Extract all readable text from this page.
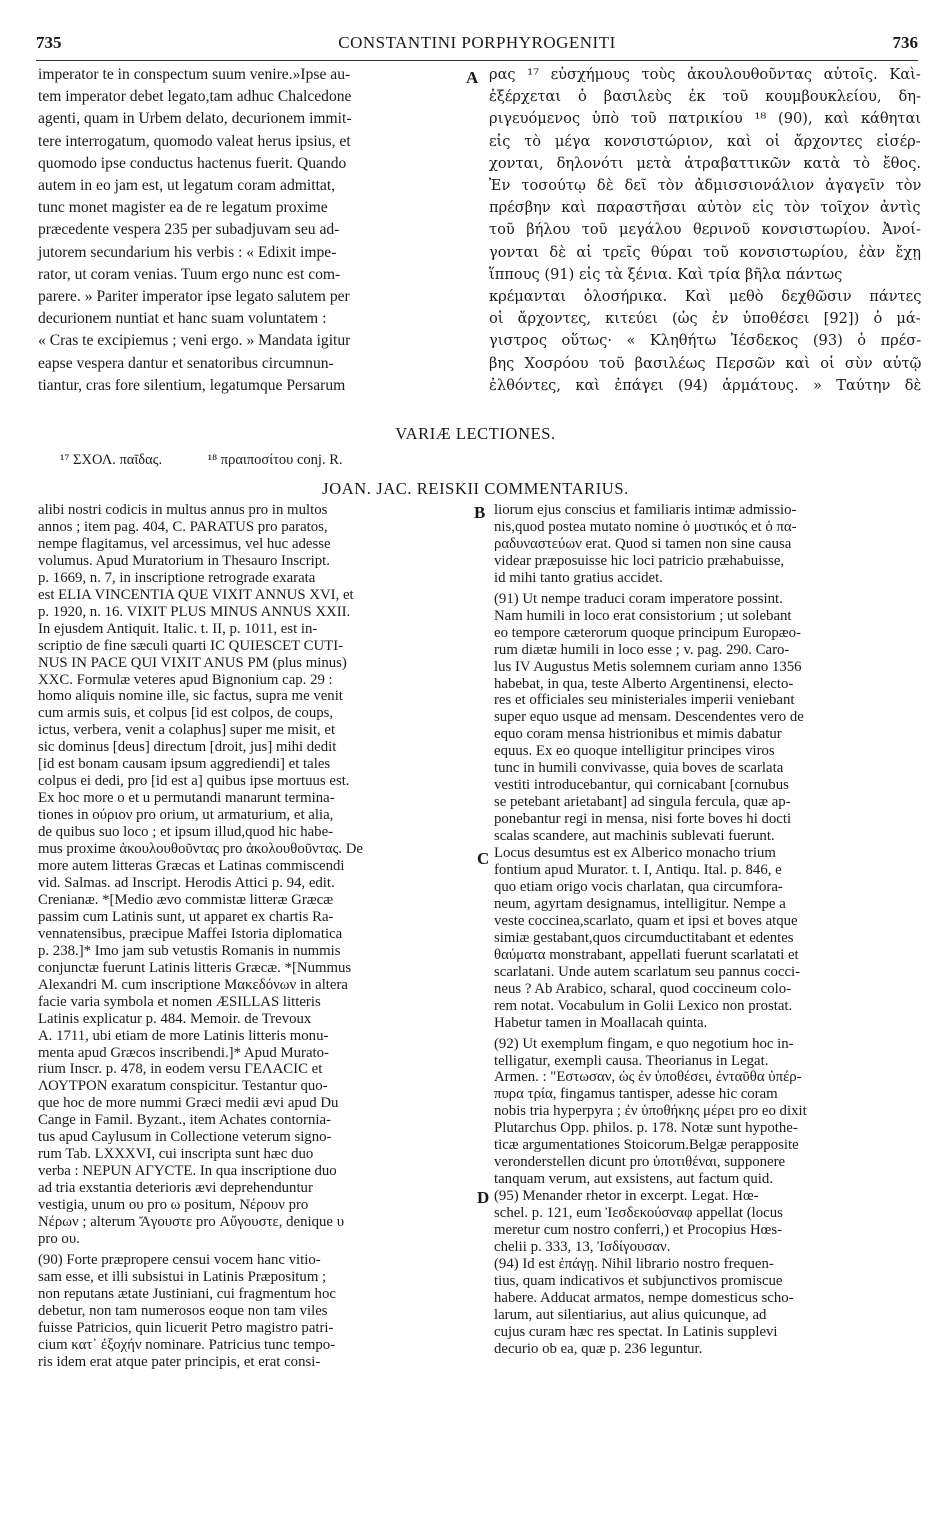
735	CONSTANTINI PORPHYROGENITI	736

imperator te in conspectum suum venire.»Ipse au-

tem imperator debet legato,tam adhuc Chalcedone

agenti, quam in Urbem delato, decurionem immit-

tere interrogatum, quomodo valeat herus ipsius, et

quomodo ipse conductus hactenus fuerit. Quando

autem in eo jam est, ut legatum coram admittat,

tunc monet magister ea de re legatum proxime

præcedente vespera 235 per subadjuvam seu ad-

jutorem secundarium his verbis : « Edixit impe-

rator, ut coram venias. Tuum ergo nunc est com-

parere. » Pariter imperator ipse legato salutem per

decurionem nuntiat et hanc suam voluntatem :

« Cras te excipiemus ; veni ergo. » Mandata igitur

eapse vespera dantur et senatoribus circumnun-

tiantur, cras fore silentium, legatumque Persarum

ρας ¹⁷ εὐσχήμους τοὺς ἀκουλουθοῦντας αὐτοῖς. Καὶ-

ἐξέρχεται ὁ βασιλεὺς ἐκ τοῦ κουμβουκλείου, δη-

ριγευόμενος ὑπὸ τοῦ πατρικίου ¹⁸ (90), καὶ κάθηται

εἰς τὸ μέγα κονσιστώριον, καὶ οἱ ἄρχοντες εἰσέρ-

χονται, δηλονότι μετὰ ἀτραβαττικῶν κατὰ τὸ ἔθος.

Ἐν τοσούτῳ δὲ δεῖ τὸν ἀδμισσιονάλιον ἀγαγεῖν τὸν

πρέσβην καὶ παραστῆσαι αὐτὸν εἰς τὸν τοῖχον ἀντὶς

τοῦ βήλου τοῦ μεγάλου θερινοῦ κονσιστωρίου. Ἀνοί-

γονται δὲ αἱ τρεῖς θύραι τοῦ κονσιστωρίου, ἐὰν ἔχῃ

ἵππους (91) εἰς τὰ ξένια. Καὶ τρία βῆλα πάντως

κρέμανται ὁλοσήρικα. Καὶ μεθὸ δεχθῶσιν πάντες

οἱ ἄρχοντες, κιτεύει (ὡς ἐν ὑποθέσει [92]) ὁ μά-

γιστρος οὕτως· « Κληθήτω Ἰέσδεκος (93) ὁ πρέσ-

βης Χοσρόου τοῦ βασιλέως Περσῶν καὶ οἱ σὺν αὐτῷ

ἐλθόντες, καὶ ἐπάγει (94) ἀρμάτους. » Ταύτην δὲ

A
B
C
D
VARIÆ LECTIONES.
¹⁷ ΣΧΟΛ. παῖδας.	¹⁸ πραιποσίτου conj. R.
JOAN. JAC. REISKII COMMENTARIUS.

alibi nostri codicis in multus annus pro in multos

annos ; item pag. 404, C. PARATUS pro paratos,

nempe flagitamus, vel arcessimus, vel huc adesse

volumus. Apud Muratorium in Thesauro Inscript.

p. 1669, n. 7, in inscriptione retrograde exarata

est ELIA VINCENTIA QUE VIXIT ANNUS XVI, et

p. 1920, n. 16. VIXIT PLUS MINUS ANNUS XXII.

In ejusdem Antiquit. Italic. t. II, p. 1011, est in-

scriptio de fine sæculi quarti IC QUIESCET CUTI-

NUS IN PACE QUI VIXIT ANUS PM (plus minus)

XXC. Formulæ veteres apud Bignonium cap. 29 :

homo aliquis nomine ille, sic factus, supra me venit

cum armis suis, et colpus [id est colpos, de coups,

ictus, verbera, venit a colaphus] super me misit, et

sic dominus [deus] directum [droit, jus] mihi dedit

[id est bonam causam ipsum aggrediendi] et tales

colpus ei dedi, pro [id est a] quibus ipse mortuus est.

Ex hoc more o et u permutandi manarunt termina-

tiones in ούριον pro orium, ut armaturium, et alia,

de quibus suo loco ; et ipsum illud,quod hic habe-

mus proxime ἀκουλουθοῦντας pro ἀκολουθοῦντας. De

more autem litteras Græcas et Latinas commiscendi

vid. Salmas. ad Inscript. Herodis Attici p. 94, edit.

Crenianæ. *[Medio ævo commistæ litteræ Græcæ

passim cum Latinis sunt, ut apparet ex chartis Ra-

vennatensibus, præcipue Maffei Istoria diplomatica

p. 238.]* Imo jam sub vetustis Romanis in nummis

conjunctæ fuerunt Latinis litteris Græcæ. *[Nummus

Alexandri M. cum inscriptione Μακεδόνων in altera

facie varia symbola et nomen ÆSILLAS litteris

Latinis explicatur p. 484. Memoir. de Trevoux

A. 1711, ubi etiam de more Latinis litteris monu-

menta apud Græcos inscribendi.]* Apud Murato-

rium Inscr. p. 478, in eodem versu ΓΕΛΑCIC et

ΛΟΥΤΡΟΝ exaratum conspicitur. Testantur quo-

que hoc de more nummi Græci medii ævi apud Du

Cange in Famil. Byzant., item Achates contornia-

tus apud Caylusum in Collectione veterum signo-

rum Tab. LXXXVI, cui inscripta sunt hæc duo

verba : NEPUN AΓΥCTE. In qua inscriptione duo

ad tria exstantia deterioris ævi deprehenduntur

vestigia, unum ου pro ω positum, Νέρουν pro

Νέρων ; alterum Ἄγουστε pro Αὔγουστε, denique υ

pro ου.

(90) Forte præpropere censui vocem hanc vitio-

sam esse, et illi subsistui in Latinis Præpositum ;

non reputans ætate Justiniani, cui fragmentum hoc

debetur, non tam numerosos eoque non tam viles

fuisse Patricios, quin licuerit Petro magistro patri-

cium κατ᾽ ἐξοχήν nominare. Patricius tunc tempo-

ris idem erat atque pater principis, et erat consi-

liorum ejus conscius et familiaris intimæ admissio-

nis,quod postea mutato nomine ὁ μυστικός et ὁ πα-

ραδυναστεύων erat. Quod si tamen non sine causa

videar præposuisse hic loci patricio præhabuisse,

id mihi tanto gratius accidet.

(91) Ut nempe traduci coram imperatore possint.

Nam humili in loco erat consistorium ; ut solebant

eo tempore cæterorum quoque principum Europæo-

rum diætæ humili in loco esse ; v. pag. 290. Caro-

lus IV Augustus Metis solemnem curiam anno 1356

habebat, in qua, teste Alberto Argentinensi, electo-

res et officiales seu ministeriales imperii veniebant

super equo usque ad mensam. Descendentes vero de

equo coram mensa histrionibus et mimis dabatur

equus. Ex eo quoque intelligitur principes viros

tunc in humili convivasse, quia boves de scarlata

vestiti introducebantur, qui cornicabant [cornubus

se petebant arietabant] ad singula fercula, quæ ap-

ponebantur regi in mensa, nisi forte boves hi docti

scalas scandere, aut machinis sublevati fuerunt.

Locus desumtus est ex Alberico monacho trium

fontium apud Murator. t. I, Antiqu. Ital. p. 846, e

quo etiam origo vocis charlatan, qua circumfora-

neum, agyrtam designamus, intelligitur. Nempe a

veste coccinea,scarlato, quam et ipsi et boves atque

simiæ gestabant,quos circumductitabant et edentes

θαύματα monstrabant, appellati fuerunt scarlatati et

scarlatani. Unde autem scarlatum seu pannus cocci-

neus ? Ab Arabico, scharal, quod coccineum colo-

rem notat. Vocabulum in Golii Lexico non prostat.

Habetur tamen in Moallacah quinta.

(92) Ut exemplum fingam, e quo negotium hoc in-

telligatur, exempli causa. Theorianus in Legat.

Armen. : "Εστωσαν, ὡς ἐν ὑποθέσει, ἐνταῦθα ὑπέρ-

πυρα τρία, fingamus tantisper, adesse hic coram

nobis tria hyperpyra ; ἐν ὑποθήκης μέρει pro eo dixit

Plutarchus Opp. philos. p. 178. Notæ sunt hypothe-

ticæ argumentationes Stoicorum.Belgæ perapposite

veronderstellen dicunt pro ὑποτιθέναι, supponere

tanquam verum, aut exsistens, aut factum quid.

(95) Menander rhetor in excerpt. Legat. Hœ-

schel. p. 121, eum Ἰεσδεκούσναφ appellat (locus

meretur cum nostro conferri,) et Procopius Hœs-

chelii p. 333, 13, Ἰσδίγουσαν.

(94) Id est ἐπάγῃ. Nihil librario nostro frequen-

tius, quam indicativos et subjunctivos promiscue

habere. Adducat armatos, nempe domesticus scho-

larum, aut silentiarius, aut alius quicunque, ad

cujus curam hæc res spectat. In Latinis supplevi

decurio ob ea, quæ p. 236 leguntur.
